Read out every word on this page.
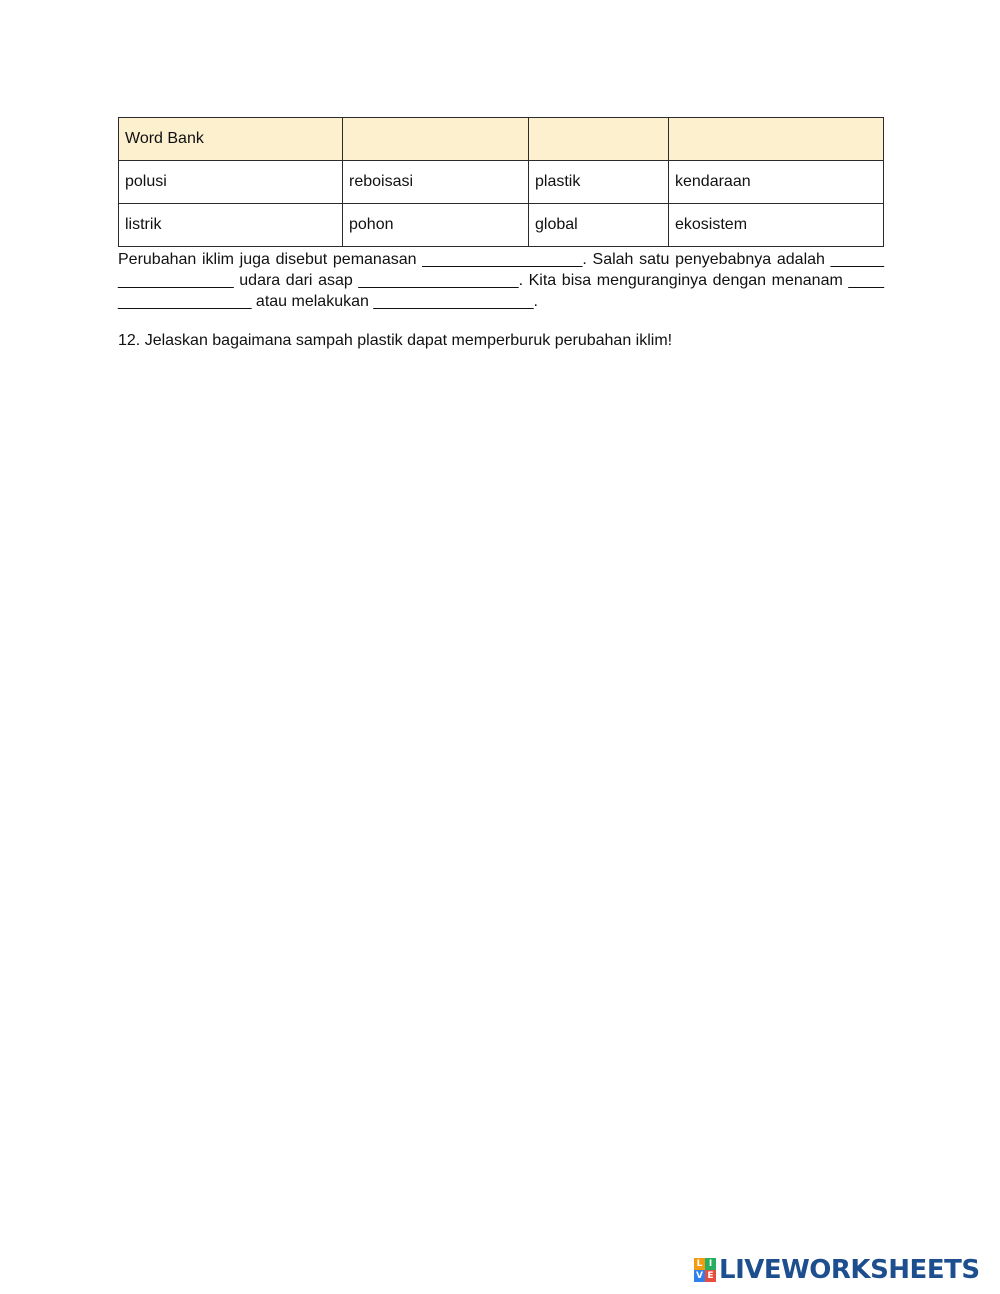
Word Bank			
polusi	reboisasi	plastik	kendaraan
listrik	pohon	global	ekosistem

Perubahan iklim juga disebut pemanasan __________________. Salah satu penyebabnya adalah ______
_____________ udara dari asap __________________. Kita bisa menguranginya dengan menanam ____
_______________ atau melakukan __________________.

12. Jelaskan bagaimana sampah plastik dapat memperburuk perubahan iklim!

L I
V E LIVEWORKSHEETS
